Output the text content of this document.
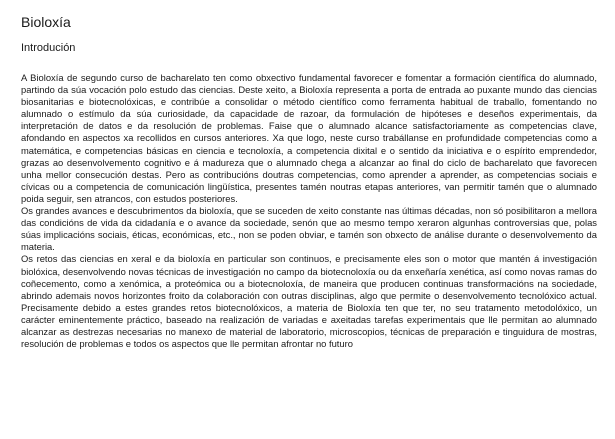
Bioloxía
Introdución

A Bioloxía de segundo curso de bacharelato ten como obxectivo fundamental favorecer e fomentar a formación científica do alumnado, partindo da súa vocación polo estudo das ciencias. Deste xeito, a Bioloxía representa a porta de entrada ao puxante mundo das ciencias biosanitarias e biotecnolóxicas, e contribúe a consolidar o método científico como ferramenta habitual de traballo, fomentando no alumnado o estímulo da súa curiosidade, da capacidade de razoar, da formulación de hipóteses e deseños experimentais, da interpretación de datos e da resolución de problemas. Faise que o alumnado alcance satisfactoriamente as competencias clave, afondando en aspectos xa recollidos en cursos anteriores. Xa que logo, neste curso trabállanse en profundidade competencias como a matemática, e competencias básicas en ciencia e tecnoloxía, a competencia dixital e o sentido da iniciativa e o espírito emprendedor, grazas ao desenvolvemento cognitivo e á madureza que o alumnado chega a alcanzar ao final do ciclo de bacharelato que favorecen unha mellor consecución destas. Pero as contribucións doutras competencias, como aprender a aprender, as competencias sociais e cívicas ou a competencia de comunicación lingüística, presentes tamén noutras etapas anteriores, van permitir tamén que o alumnado poida seguir, sen atrancos, con estudos posteriores.

Os grandes avances e descubrimentos da bioloxía, que se suceden de xeito constante nas últimas décadas, non só posibilitaron a mellora das condicións de vida da cidadanía e o avance da sociedade, senón que ao mesmo tempo xeraron algunhas controversias que, polas súas implicacións sociais, éticas, económicas, etc., non se poden obviar, e tamén son obxecto de análise durante o desenvolvemento da materia.

Os retos das ciencias en xeral e da bioloxía en particular son continuos, e precisamente eles son o motor que mantén á investigación biolóxica, desenvolvendo novas técnicas de investigación no campo da biotecnoloxía ou da enxeñaría xenética, así como novas ramas do coñecemento, como a xenómica, a proteómica ou a biotecnoloxía, de maneira que producen continuas transformacións na sociedade, abrindo ademais novos horizontes froito da colaboración con outras disciplinas, algo que permite o desenvolvemento tecnolóxico actual. Precisamente debido a estes grandes retos biotecnolóxicos, a materia de Bioloxía ten que ter, no seu tratamento metodolóxico, un carácter eminentemente práctico, baseado na realización de variadas e axeitadas tarefas experimentais que lle permitan ao alumnado alcanzar as destrezas necesarias no manexo de material de laboratorio, microscopios, técnicas de preparación e tinguidura de mostras, resolución de problemas e todos os aspectos que lle permitan afrontar no futuro
